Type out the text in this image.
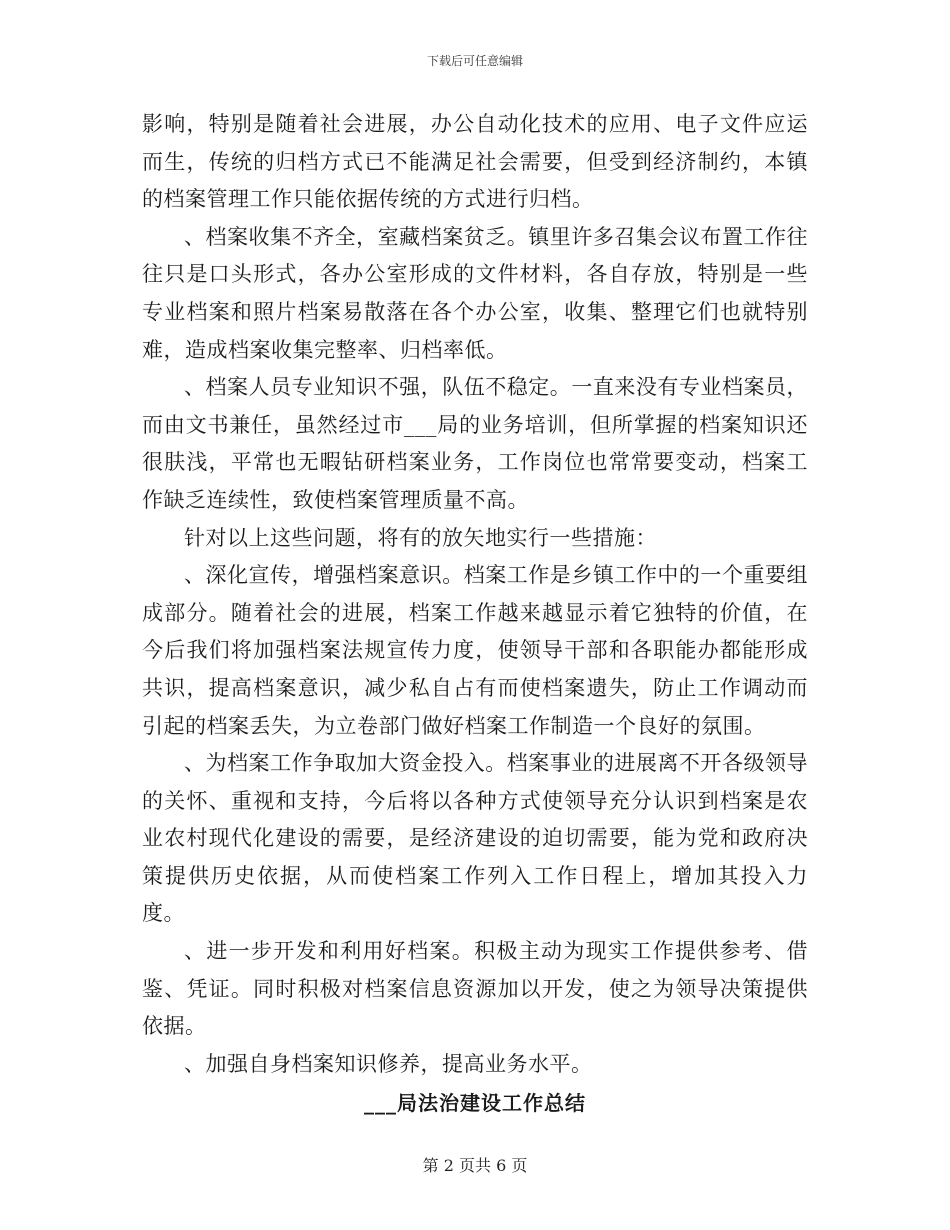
下载后可任意编辑

影响，特别是随着社会进展，办公自动化技术的应用、电子文件应运而生，传统的归档方式已不能满足社会需要，但受到经济制约，本镇的档案管理工作只能依据传统的方式进行归档。

、档案收集不齐全，室藏档案贫乏。镇里许多召集会议布置工作往往只是口头形式，各办公室形成的文件材料，各自存放，特别是一些专业档案和照片档案易散落在各个办公室，收集、整理它们也就特别难，造成档案收集完整率、归档率低。

、档案人员专业知识不强，队伍不稳定。一直来没有专业档案员，而由文书兼任，虽然经过市___局的业务培训，但所掌握的档案知识还很肤浅，平常也无暇钻研档案业务，工作岗位也常常要变动，档案工作缺乏连续性，致使档案管理质量不高。

针对以上这些问题，将有的放矢地实行一些措施：

、深化宣传，增强档案意识。档案工作是乡镇工作中的一个重要组成部分。随着社会的进展，档案工作越来越显示着它独特的价值，在今后我们将加强档案法规宣传力度，使领导干部和各职能办都能形成共识，提高档案意识，减少私自占有而使档案遗失，防止工作调动而引起的档案丢失，为立卷部门做好档案工作制造一个良好的氛围。

、为档案工作争取加大资金投入。档案事业的进展离不开各级领导的关怀、重视和支持，今后将以各种方式使领导充分认识到档案是农业农村现代化建设的需要，是经济建设的迫切需要，能为党和政府决策提供历史依据，从而使档案工作列入工作日程上，增加其投入力度。

、进一步开发和利用好档案。积极主动为现实工作提供参考、借鉴、凭证。同时积极对档案信息资源加以开发，使之为领导决策提供依据。

、加强自身档案知识修养，提高业务水平。

___局法治建设工作总结
第 2 页共 6 页
